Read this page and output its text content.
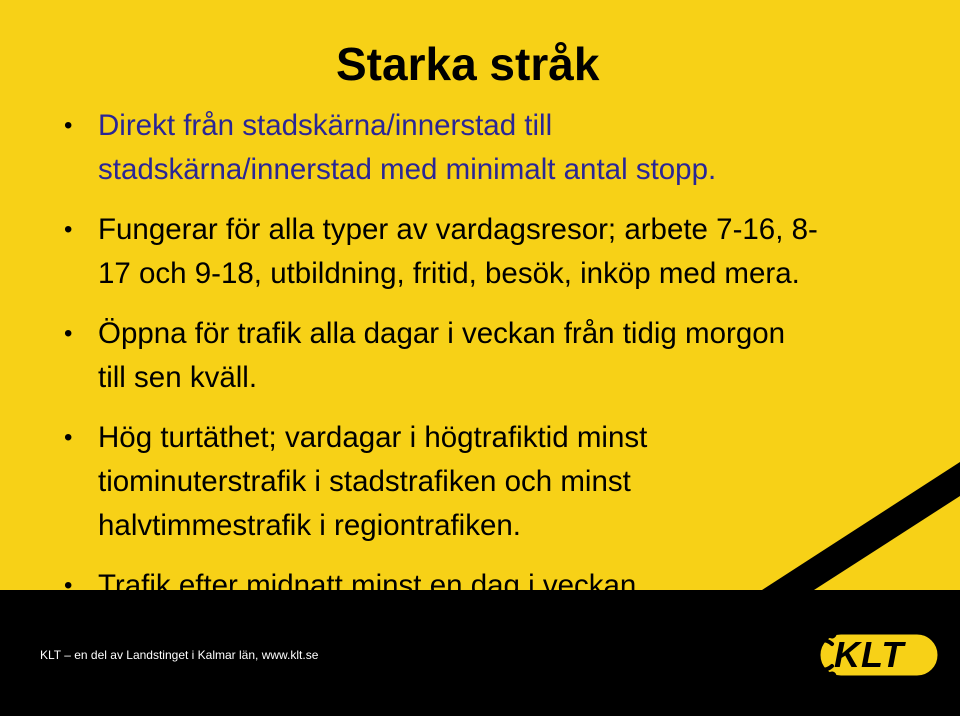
Starka stråk
• Direkt från stadskärna/innerstad till
stadskärna/innerstad med minimalt antal stopp.
• Fungerar för alla typer av vardagsresor; arbete 7-16, 8-
17 och 9-18, utbildning, fritid, besök, inköp med mera.
• Öppna för trafik alla dagar i veckan från tidig morgon
till sen kväll.
• Hög turtäthet; vardagar i högtrafiktid minst
tiominuterstrafik i stadstrafiken och minst
halvtimmestrafik i regiontrafiken.
• Trafik efter midnatt minst en dag i veckan
KLT – en del av Landstinget i Kalmar län, www.klt.se	KLT
KALMAR LÄNSTRAFIK
Karl-Johan Bodell
